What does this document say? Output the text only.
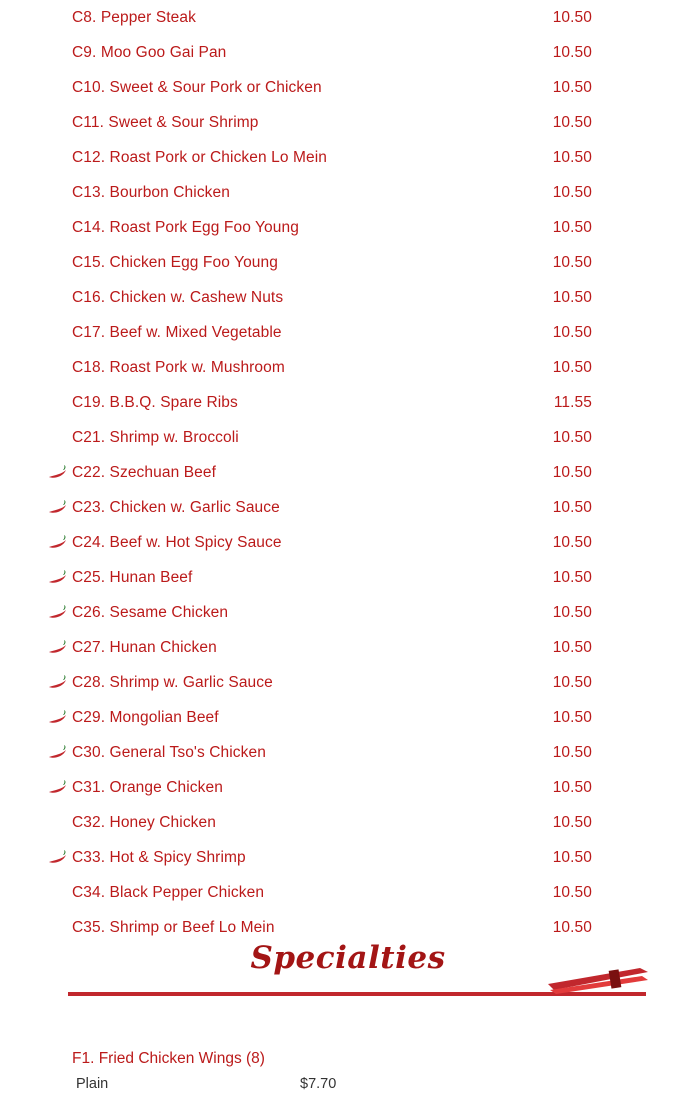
C8. Pepper Steak	10.50
C9. Moo Goo Gai Pan	10.50
C10. Sweet & Sour Pork or Chicken	10.50
C11. Sweet & Sour Shrimp	10.50
C12. Roast Pork or Chicken Lo Mein	10.50
C13. Bourbon Chicken	10.50
C14. Roast Pork Egg Foo Young	10.50
C15. Chicken Egg Foo Young	10.50
C16. Chicken w. Cashew Nuts	10.50
C17. Beef w. Mixed Vegetable	10.50
C18. Roast Pork w. Mushroom	10.50
C19. B.B.Q. Spare Ribs	11.55
C21. Shrimp w. Broccoli	10.50
C22. Szechuan Beef	10.50
C23. Chicken w. Garlic Sauce	10.50
C24. Beef w. Hot Spicy Sauce	10.50
C25. Hunan Beef	10.50
C26. Sesame Chicken	10.50
C27. Hunan Chicken	10.50
C28. Shrimp w. Garlic Sauce	10.50
C29. Mongolian Beef	10.50
C30. General Tso's Chicken	10.50
C31. Orange Chicken	10.50
C32. Honey Chicken	10.50
C33. Hot & Spicy Shrimp	10.50
C34. Black Pepper Chicken	10.50
C35. Shrimp or Beef Lo Mein	10.50
Specialties
F1. Fried Chicken Wings (8)
Plain	$7.70
